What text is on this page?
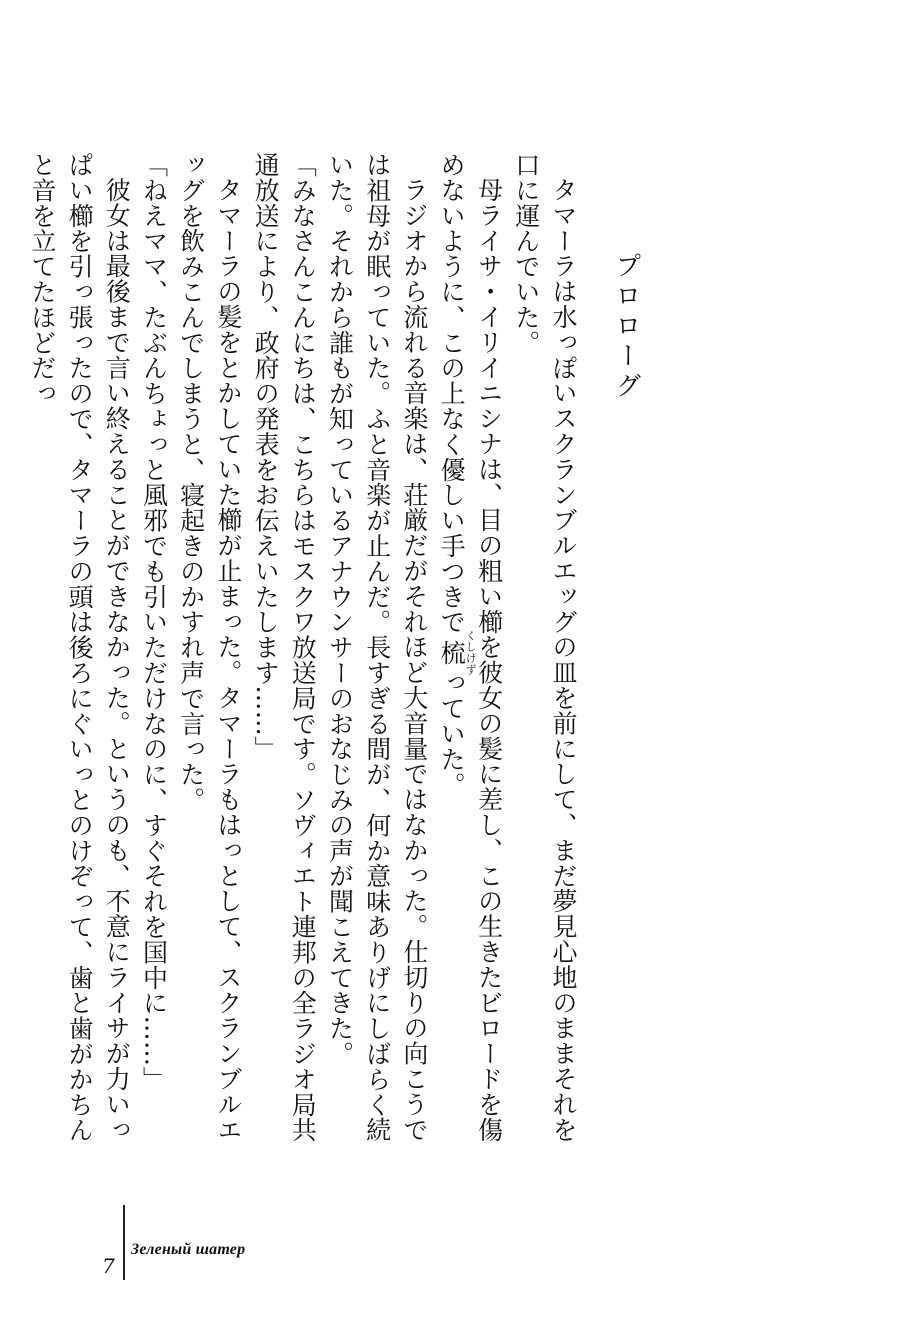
プロローグ
タマーラは水っぽいスクランブルエッグの皿を前にして、まだ夢見心地のままそれを口に運んでいた。
母ライサ・イリイニシナは、目の粗い櫛を彼女の髪に差し、この生きたビロードを傷めないように、この上なく優しい手つきで梳くしけずっていた。
ラジオから流れる音楽は、荘厳だがそれほど大音量ではなかった。仕切りの向こうでは祖母が眠っていた。ふと音楽が止んだ。長すぎる間が、何か意味ありげにしばらく続いた。それから誰もが知っているアナウンサーのおなじみの声が聞こえてきた。
「みなさんこんにちは、こちらはモスクワ放送局です。ソヴィエト連邦の全ラジオ局共通放送により、政府の発表をお伝えいたします……」
タマーラの髪をとかしていた櫛が止まった。タマーラもはっとして、スクランブルエッグを飲みこんでしまうと、寝起きのかすれ声で言った。
「ねえママ、たぶんちょっと風邪でも引いただけなのに、すぐそれを国中に……」
彼女は最後まで言い終えることができなかった。というのも、不意にライサが力いっぱい櫛を引っ張ったので、タマーラの頭は後ろにぐいっとのけぞって、歯と歯がかちんと音を立てたほどだっ
7
Зеленый шатер
